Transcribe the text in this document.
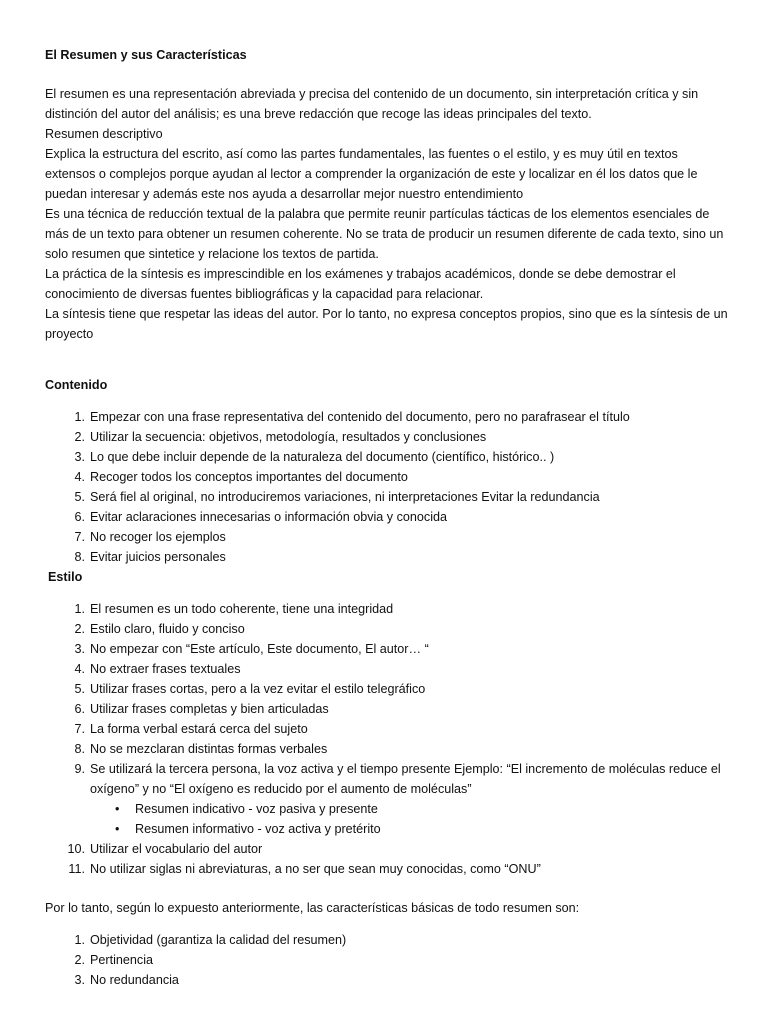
El Resumen y sus Características

El resumen es una representación abreviada y precisa del contenido de un documento, sin interpretación crítica y sin distinción del autor del análisis; es una breve redacción que recoge las ideas principales del texto.

Resumen descriptivo

Explica la estructura del escrito, así como las partes fundamentales, las fuentes o el estilo, y es muy útil en textos extensos o complejos porque ayudan al lector a comprender la organización de este y localizar en él los datos que le puedan interesar y además este nos ayuda a desarrollar mejor nuestro entendimiento

Es una técnica de reducción textual de la palabra que permite reunir partículas tácticas de los elementos esenciales de más de un texto para obtener un resumen coherente. No se trata de producir un resumen diferente de cada texto, sino un solo resumen que sintetice y relacione los textos de partida.

La práctica de la síntesis es imprescindible en los exámenes y trabajos académicos, donde se debe demostrar el conocimiento de diversas fuentes bibliográficas y la capacidad para relacionar.

La síntesis tiene que respetar las ideas del autor. Por lo tanto, no expresa conceptos propios, sino que es la síntesis de un proyecto

Contenido
1. Empezar con una frase representativa del contenido del documento, pero no parafrasear el título
2. Utilizar la secuencia: objetivos, metodología, resultados y conclusiones
3. Lo que debe incluir depende de la naturaleza del documento (científico, histórico.. )
4. Recoger todos los conceptos importantes del documento
5. Será fiel al original, no introduciremos variaciones, ni interpretaciones Evitar la redundancia
6. Evitar aclaraciones innecesarias o información obvia y conocida
7. No recoger los ejemplos
8. Evitar juicios personales
Estilo
1. El resumen es un todo coherente, tiene una integridad
2. Estilo claro, fluido y conciso
3. No empezar con “Este artículo, Este documento, El autor… “
4. No extraer frases textuales
5. Utilizar frases cortas, pero a la vez evitar el estilo telegráfico
6. Utilizar frases completas y bien articuladas
7. La forma verbal estará cerca del sujeto
8. No se mezclaran distintas formas verbales
9. Se utilizará la tercera persona, la voz activa y el tiempo presente Ejemplo: “El incremento de moléculas reduce el oxígeno” y no “El oxígeno es reducido por el aumento de moléculas”
• Resumen indicativo - voz pasiva y presente
• Resumen informativo - voz activa y pretérito
10. Utilizar el vocabulario del autor
11. No utilizar siglas ni abreviaturas, a no ser que sean muy conocidas, como “ONU”

Por lo tanto, según lo expuesto anteriormente, las características básicas de todo resumen son:

1. Objetividad (garantiza la calidad del resumen)
2. Pertinencia
3. No redundancia
